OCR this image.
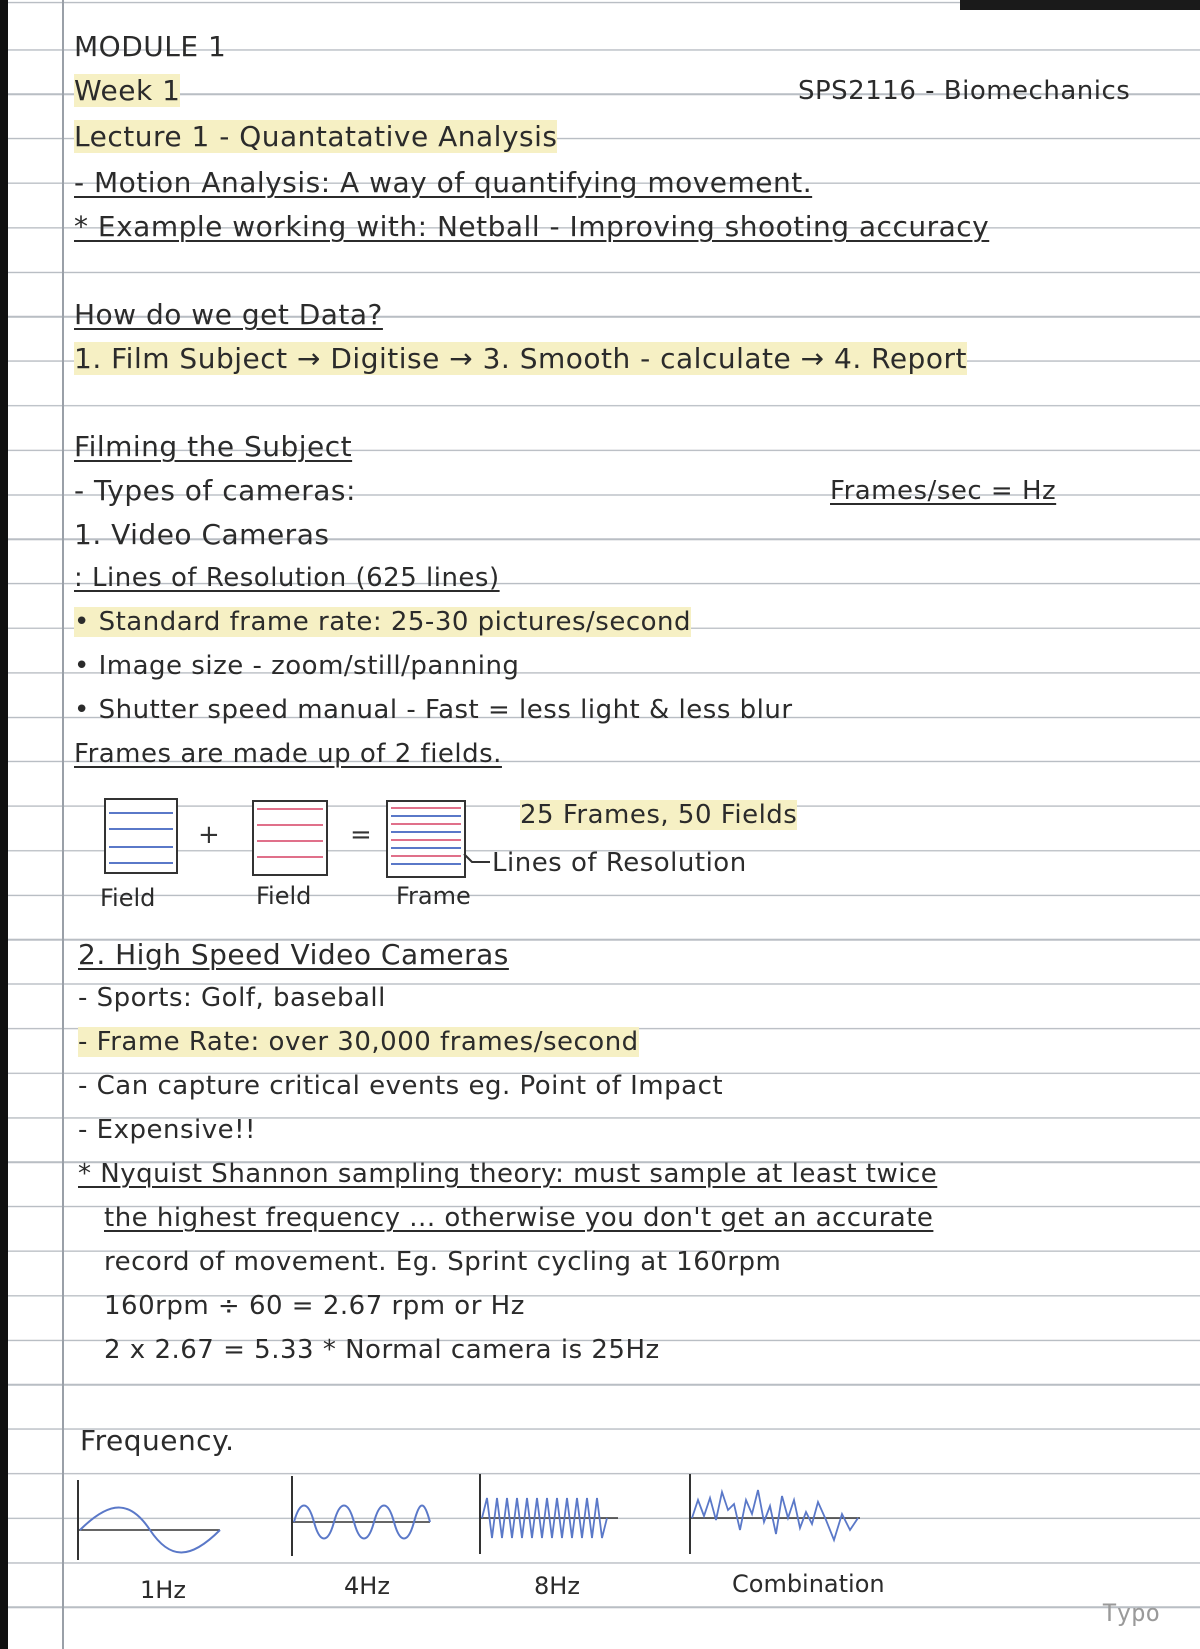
MODULE 1
Week 1	SPS2116 - Biomechanics
Lecture 1 - Quantatative Analysis
- Motion Analysis: A way of quantifying movement.
* Example working with: Netball - Improving shooting accuracy
How do we get Data?
1. Film Subject → Digitise → 3. Smooth - calculate → 4. Report
Filming the Subject
- Types of cameras:	Frames/sec = Hz
1. Video Cameras
: Lines of Resolution (625 lines)
• Standard frame rate: 25-30 pictures/second
• Image size - zoom/still/panning
• Shutter speed manual - Fast = less light & less blur
Frames are made up of 2 fields.
+	=
25 Frames, 50 Fields
Lines of Resolution
Field	Field	Frame
2. High Speed Video Cameras
- Sports: Golf, baseball
- Frame Rate: over 30,000 frames/second
- Can capture critical events eg. Point of Impact
- Expensive!!
* Nyquist Shannon sampling theory: must sample at least twice
the highest frequency ... otherwise you don't get an accurate
record of movement. Eg. Sprint cycling at 160rpm
160rpm ÷ 60 = 2.67 rpm or Hz
2 x 2.67 = 5.33 * Normal camera is 25Hz
Frequency.
1Hz	4Hz	8Hz	Combination
Typo
